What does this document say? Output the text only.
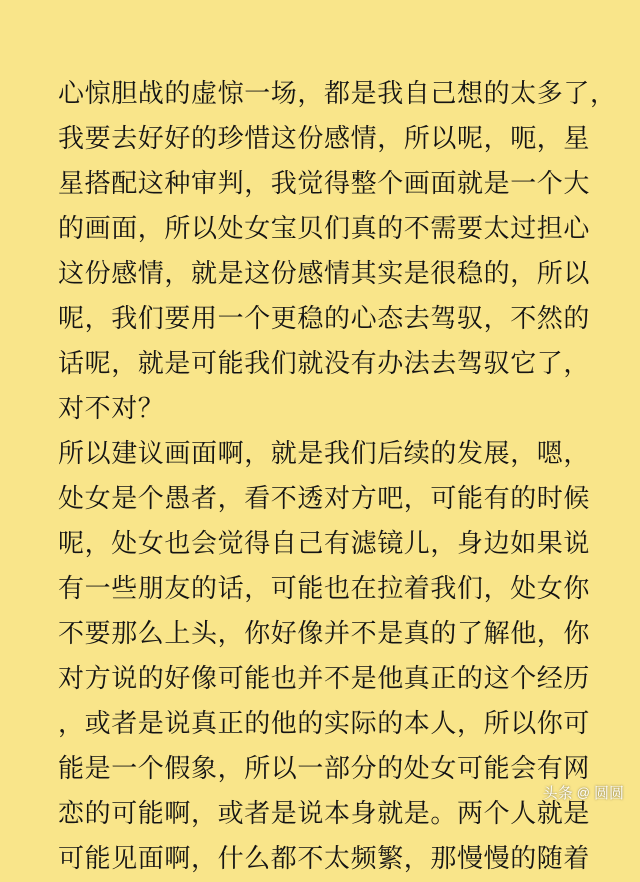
心惊胆战的虚惊一场，都是我自己想的太多了，
我要去好好的珍惜这份感情，所以呢，呃，星
星搭配这种审判，我觉得整个画面就是一个大
的画面，所以处女宝贝们真的不需要太过担心
这份感情，就是这份感情其实是很稳的，所以
呢，我们要用一个更稳的心态去驾驭，不然的
话呢，就是可能我们就没有办法去驾驭它了，
对不对？
所以建议画面啊，就是我们后续的发展，嗯，
处女是个愚者，看不透对方吧，可能有的时候
呢，处女也会觉得自己有滤镜儿，身边如果说
有一些朋友的话，可能也在拉着我们，处女你
不要那么上头，你好像并不是真的了解他，你
对方说的好像可能也并不是他真正的这个经历
，或者是说真正的他的实际的本人，所以你可
能是一个假象，所以一部分的处女可能会有网
恋的可能啊，或者是说本身就是。两个人就是
可能见面啊，什么都不太频繁，那慢慢的随着
头条 @ 圆圆
